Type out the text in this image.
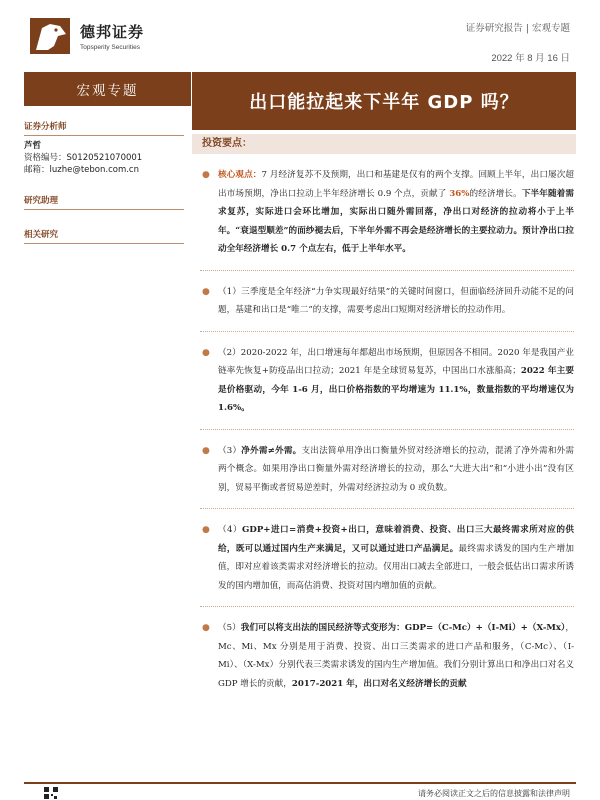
德邦证券
Topsperity Securities
证券研究报告 | 宏观专题
2022 年 8 月 16 日
宏观专题
出口能拉起来下半年 GDP 吗？
证券分析师
芦哲
资格编号：S0120521070001
邮箱：luzhe@tebon.com.cn
研究助理
相关研究
投资要点：
● 核心观点：7 月经济复苏不及预期，出口和基建是仅有的两个支撑。回顾上半年，出口屡次超出市场预期，净出口拉动上半年经济增长 0.9 个点，贡献了 36%的经济增长。下半年随着需求复苏，实际进口会环比增加，实际出口随外需回落，净出口对经济的拉动将小于上半年。“衰退型顺差”的面纱褪去后，下半年外需不再会是经济增长的主要拉动力。预计净出口拉动全年经济增长 0.7 个点左右，低于上半年水平。
● （1）三季度是全年经济“力争实现最好结果”的关键时间窗口，但面临经济回升动能不足的问题，基建和出口是“唯二”的支撑，需要考虑出口短期对经济增长的拉动作用。
● （2）2020-2022 年，出口增速每年都超出市场预期，但原因各不相同。2020 年是我国产业链率先恢复+防疫品出口拉动；2021 年是全球贸易复苏，中国出口水涨船高；2022 年主要是价格驱动，今年 1-6 月，出口价格指数的平均增速为 11.1%，数量指数的平均增速仅为 1.6%。
● （3）净外需≠外需。支出法简单用净出口衡量外贸对经济增长的拉动，混淆了净外需和外需两个概念。如果用净出口衡量外需对经济增长的拉动，那么“大进大出”和“小进小出”没有区别，贸易平衡或者贸易逆差时，外需对经济拉动为 0 或负数。
● （4）GDP+进口=消费+投资+出口，意味着消费、投资、出口三大最终需求所对应的供给，既可以通过国内生产来满足，又可以通过进口产品满足。最终需求诱发的国内生产增加值，即对应着该类需求对经济增长的拉动。仅用出口减去全部进口，一般会低估出口需求所诱发的国内增加值，而高估消费、投资对国内增加值的贡献。
● （5）我们可以将支出法的国民经济等式变形为：GDP=（C-Mc）+（I-Mi）+（X-Mx），Mc、Mi、Mx 分别是用于消费、投资、出口三类需求的进口产品和服务，（C-Mc）、（I-Mi）、（X-Mx）分别代表三类需求诱发的国内生产增加值。我们分别计算出口和净出口对名义 GDP 增长的贡献，2017-2021 年，出口对名义经济增长的贡献
请务必阅读正文之后的信息披露和法律声明
